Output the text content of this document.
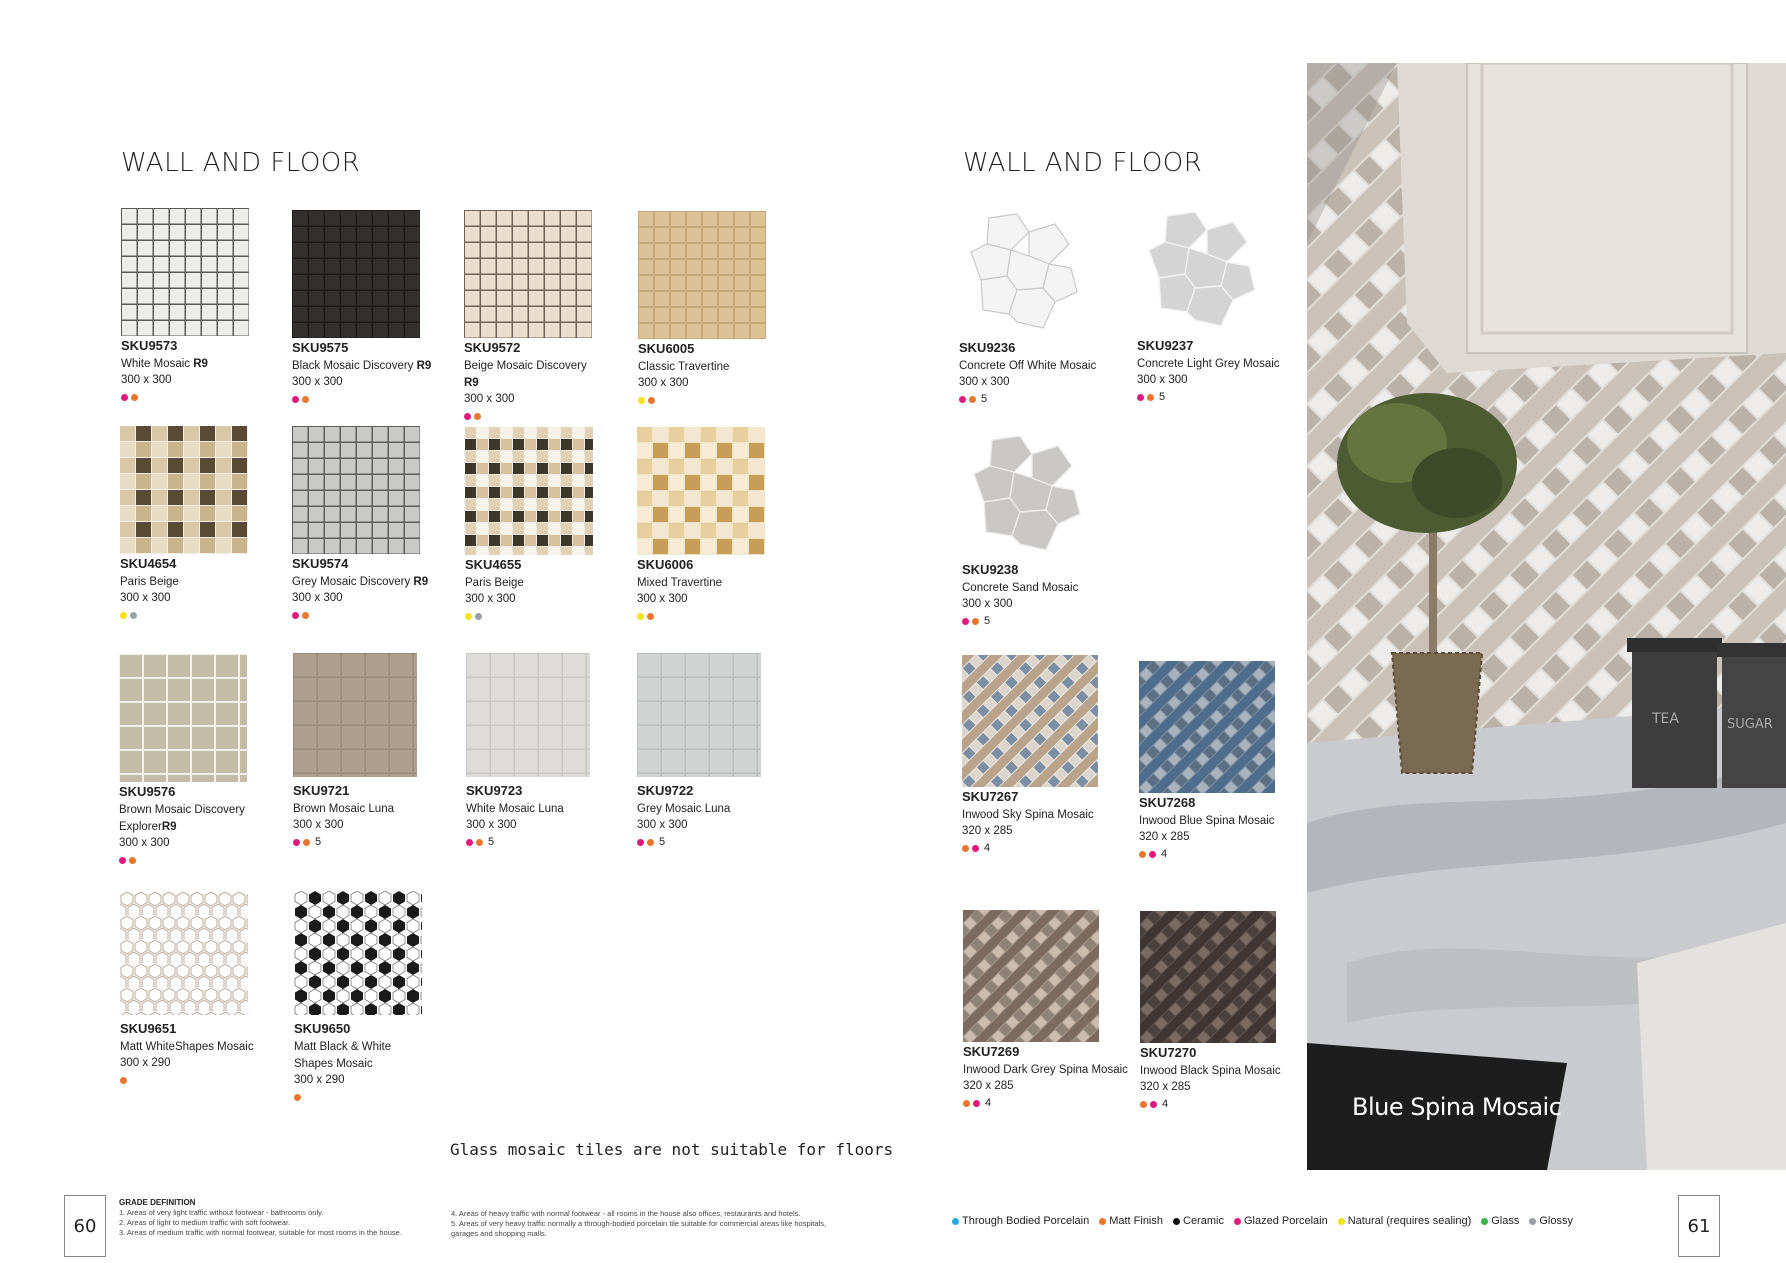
WALL AND FLOOR	WALL AND FLOOR
SKU9573
White Mosaic R9
300 x 300
SKU9575
Black Mosaic Discovery R9
300 x 300
SKU9572
Beige Mosaic Discovery R9
300 x 300
SKU6005
Classic Travertine
300 x 300
SKU4654
Paris Beige
300 x 300
SKU9574
Grey Mosaic Discovery R9
300 x 300
SKU4655
Paris Beige
300 x 300
SKU6006
Mixed Travertine
300 x 300
SKU9576
Brown Mosaic Discovery ExplorerR9
300 x 300
SKU9721
Brown Mosaic Luna
300 x 300
5
SKU9723
White Mosaic Luna
300 x 300
5
SKU9722
Grey Mosaic Luna
300 x 300
5
SKU9651
Matt WhiteShapes Mosaic
300 x 290
SKU9650
Matt Black & White Shapes Mosaic
300 x 290
SKU9236
Concrete Off White Mosaic
300 x 300
5
SKU9237
Concrete Light Grey Mosaic
300 x 300
5
SKU9238
Concrete Sand Mosaic
300 x 300
5
SKU7267
Inwood Sky Spina Mosaic
320 x 285
4
SKU7268
Inwood Blue Spina Mosaic
320 x 285
4
SKU7269
Inwood Dark Grey Spina Mosaic
320 x 285
4
SKU7270
Inwood Black Spina Mosaic
320 x 285
4
TEA	SUGAR
Blue Spina Mosaic
Glass mosaic tiles are not suitable for floors
60	61
GRADE DEFINITION
1. Areas of very light traffic without footwear - bathrooms only.
2. Areas of light to medium traffic with soft footwear.
3. Areas of medium traffic with normal footwear, suitable for most rooms in the house.
4. Areas of heavy traffic with normal footwear - all rooms in the house also offices, restaurants and hotels.
5. Areas of very heavy traffic normally a through-bodied porcelain tile suitable for commercial areas like hospitals, garages and shopping malls.
Through Bodied Porcelain Matt Finish Ceramic Glazed Porcelain Natural (requires sealing) Glass Glossy
